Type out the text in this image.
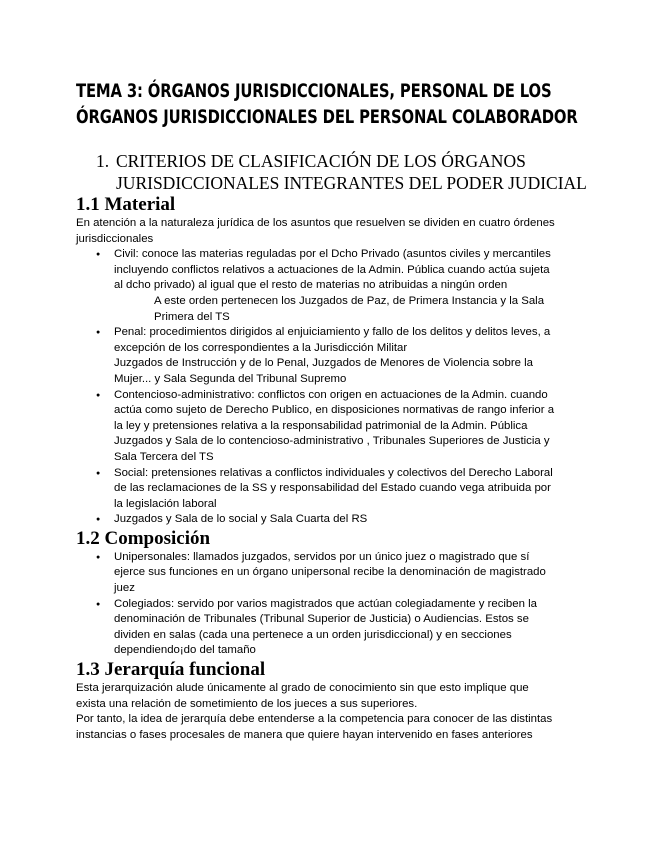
TEMA 3: ÓRGANOS JURISDICCIONALES, PERSONAL DE LOS
ÓRGANOS JURISDICCIONALES DEL PERSONAL COLABORADOR
1. CRITERIOS DE CLASIFICACIÓN DE LOS ÓRGANOS
JURISDICCIONALES INTEGRANTES DEL PODER JUDICIAL
1.1 Material

En atención a la naturaleza jurídica de los asuntos que resuelven se dividen en cuatro órdenes
jurisdiccionales

● Civil: conoce las materias reguladas por el Dcho Privado (asuntos civiles y mercantiles
incluyendo conflictos relativos a actuaciones de la Admin. Pública cuando actúa sujeta
al dcho privado) al igual que el resto de materias no atribuidas a ningún orden
A este orden pertenecen los Juzgados de Paz, de Primera Instancia y la Sala
Primera del TS
● Penal: procedimientos dirigidos al enjuiciamiento y fallo de los delitos y delitos leves, a
excepción de los correspondientes a la Jurisdicción Militar
Juzgados de Instrucción y de lo Penal, Juzgados de Menores de Violencia sobre la
Mujer... y Sala Segunda del Tribunal Supremo
● Contencioso-administrativo: conflictos con origen en actuaciones de la Admin. cuando
actúa como sujeto de Derecho Publico, en disposiciones normativas de rango inferior a
la ley y pretensiones relativa a la responsabilidad patrimonial de la Admin. Pública
Juzgados y Sala de lo contencioso-administrativo , Tribunales Superiores de Justicia y
Sala Tercera del TS
● Social: pretensiones relativas a conflictos individuales y colectivos del Derecho Laboral
de las reclamaciones de la SS y responsabilidad del Estado cuando vega atribuida por
la legislación laboral
● Juzgados y Sala de lo social y Sala Cuarta del RS
1.2 Composición
● Unipersonales: llamados juzgados, servidos por un único juez o magistrado que sí
ejerce sus funciones en un órgano unipersonal recibe la denominación de magistrado
juez
● Colegiados: servido por varios magistrados que actúan colegiadamente y reciben la
denominación de Tribunales (Tribunal Superior de Justicia) o Audiencias. Estos se
dividen en salas (cada una pertenece a un orden jurisdiccional) y en secciones
dependiendo¡do del tamaño
1.3 Jerarquía funcional

Esta jerarquización alude únicamente al grado de conocimiento sin que esto implique que
exista una relación de sometimiento de los jueces a sus superiores.
Por tanto, la idea de jerarquía debe entenderse a la competencia para conocer de las distintas
instancias o fases procesales de manera que quiere hayan intervenido en fases anteriores
